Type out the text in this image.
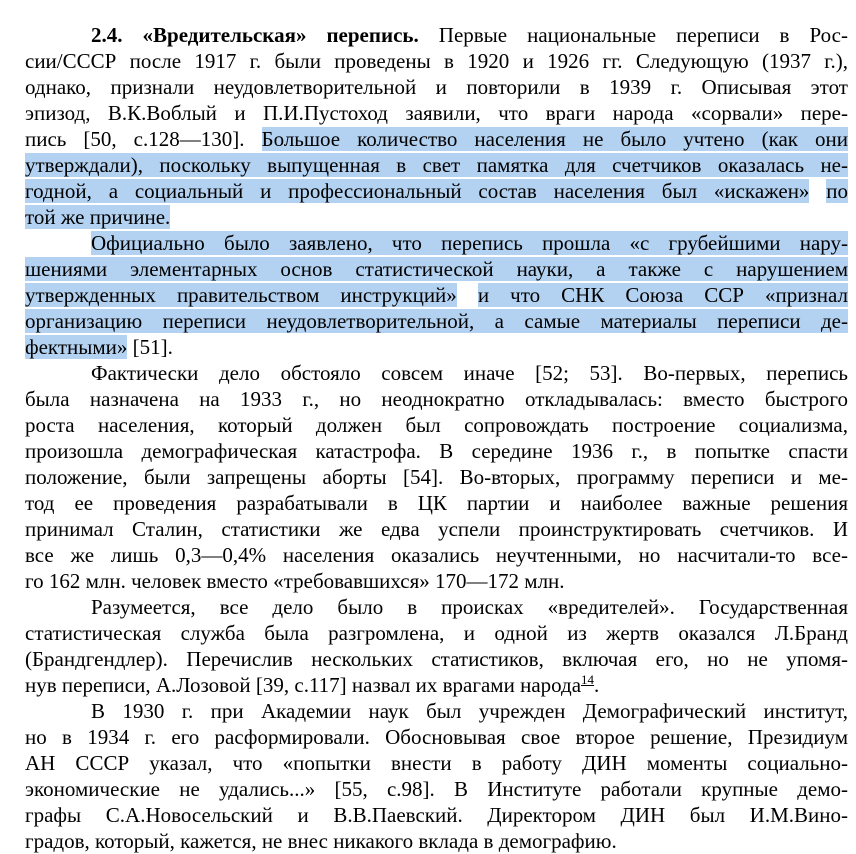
2.4. «Вредительская» перепись. Первые национальные переписи в Рос-
сии/СССР после 1917 г. были проведены в 1920 и 1926 гг. Следующую (1937 г.),
однако, признали неудовлетворительной и повторили в 1939 г. Описывая этот
эпизод, В.К.Воблый и П.И.Пустоход заявили, что враги народа «сорвали» пере-
пись [50, с.128—130]. Большое количество населения не было учтено (как они
утверждали), поскольку выпущенная в свет памятка для счетчиков оказалась не-
годной, а социальный и профессиональный состав населения был «искажен» по
той же причине.
Официально было заявлено, что перепись прошла «с грубейшими нару-
шениями элементарных основ статистической науки, а также с нарушением
утвержденных правительством инструкций» и что СНК Союза ССР «признал
организацию переписи неудовлетворительной, а самые материалы переписи де-
фектными» [51].
Фактически дело обстояло совсем иначе [52; 53]. Во-первых, перепись
была назначена на 1933 г., но неоднократно откладывалась: вместо быстрого
роста населения, который должен был сопровождать построение социализма,
произошла демографическая катастрофа. В середине 1936 г., в попытке спасти
положение, были запрещены аборты [54]. Во-вторых, программу переписи и ме-
тод ее проведения разрабатывали в ЦК партии и наиболее важные решения
принимал Сталин, статистики же едва успели проинструктировать счетчиков. И
все же лишь 0,3—0,4% населения оказались неучтенными, но насчитали-то все-
го 162 млн. человек вместо «требовавшихся» 170—172 млн.
Разумеется, все дело было в происках «вредителей». Государственная
статистическая служба была разгромлена, и одной из жертв оказался Л.Бранд
(Брандгендлер). Перечислив нескольких статистиков, включая его, но не упомя-
нув переписи, А.Лозовой [39, с.117] назвал их врагами народа$^{14}$.
В 1930 г. при Академии наук был учрежден Демографический институт,
но в 1934 г. его расформировали. Обосновывая свое второе решение, Президиум
АН СССР указал, что «попытки внести в работу ДИН моменты социально-
экономические не удались...» [55, с.98]. В Институте работали крупные демо-
графы С.А.Новосельский и В.В.Паевский. Директором ДИН был И.М.Вино-
градов, который, кажется, не внес никакого вклада в демографию.
